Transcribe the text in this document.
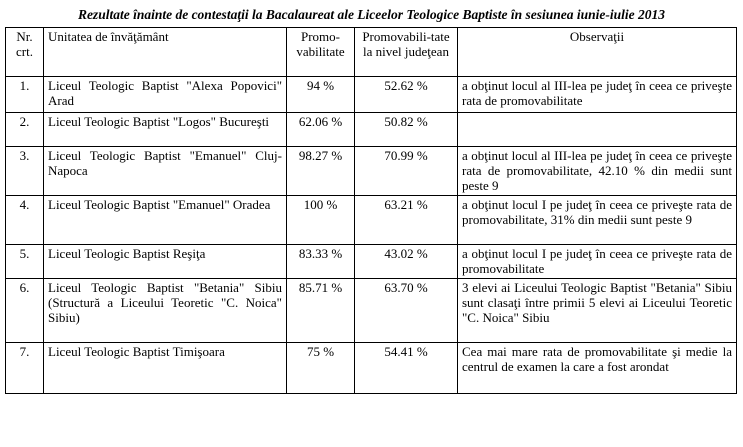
Rezultate înainte de contestaţii la Bacalaureat ale Liceelor Teologice Baptiste în sesiunea iunie-iulie 2013
Nr. crt.	Unitatea de învăţământ	Promo-vabilitate	Promovabili-tate la nivel judeţean	Observaţii
1.	Liceul Teologic Baptist "Alexa Popovici" Arad	94 %	52.62 %	a obţinut locul al III-lea pe judeţ în ceea ce priveşte rata de promovabilitate
2.	Liceul Teologic Baptist "Logos" Bucureşti	62.06 %	50.82 %	
3.	Liceul Teologic Baptist "Emanuel" Cluj-Napoca	98.27 %	70.99 %	a obţinut locul al III-lea pe judeţ în ceea ce priveşte rata de promovabilitate, 42.10 % din medii sunt peste 9
4.	Liceul Teologic Baptist "Emanuel" Oradea	100 %	63.21 %	a obţinut locul I pe judeţ în ceea ce priveşte rata de promovabilitate, 31% din medii sunt peste 9
5.	Liceul Teologic Baptist Reşiţa	83.33 %	43.02 %	a obţinut locul I pe judeţ în ceea ce priveşte rata de promovabilitate
6.	Liceul Teologic Baptist "Betania" Sibiu (Structură a Liceului Teoretic "C. Noica" Sibiu)	85.71 %	63.70 %	3 elevi ai Liceului Teologic Baptist "Betania" Sibiu sunt clasaţi între primii 5 elevi ai Liceului Teoretic "C. Noica" Sibiu
7.	Liceul Teologic Baptist Timişoara	75 %	54.41 %	Cea mai mare rata de promovabilitate şi medie la centrul de examen la care a fost arondat
